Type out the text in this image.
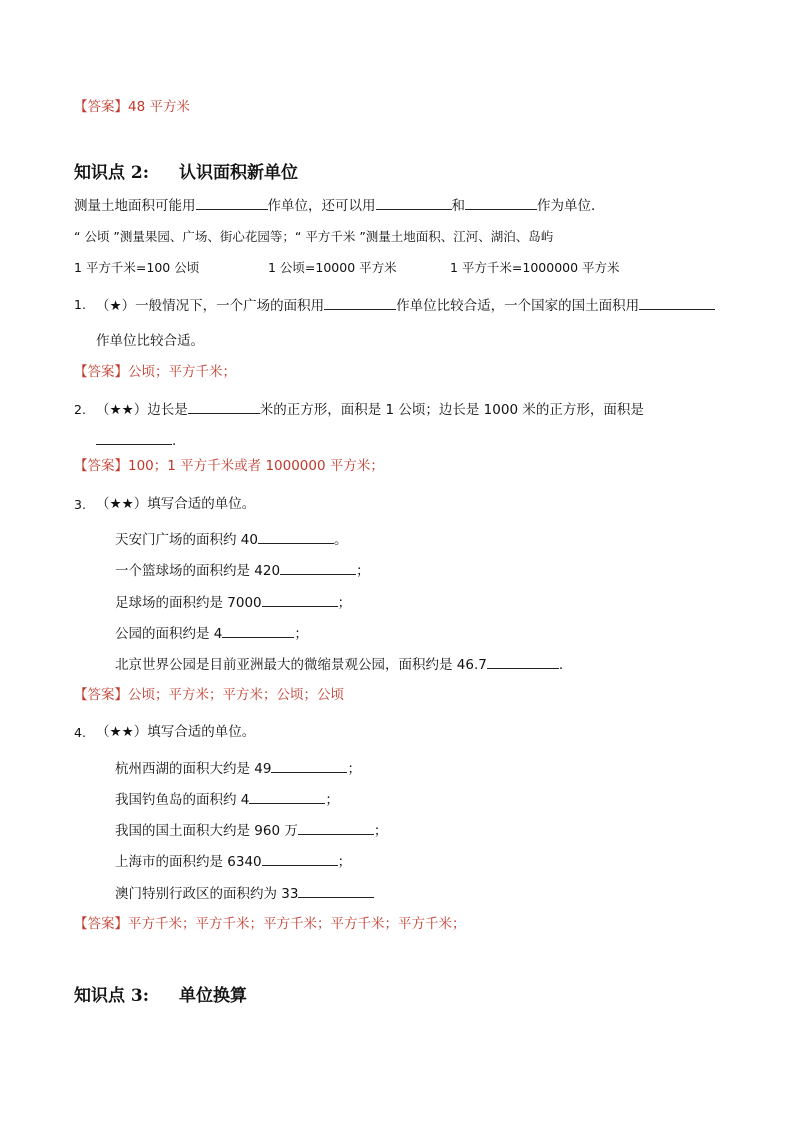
【答案】48 平方米
知识点 2: 认识面积新单位
测量土地面积可能用	作单位，还可以用	和	作为单位．
“ 公顷 ”测量果园、广场、街心花园等；“ 平方千米 ”测量土地面积、江河、湖泊、岛屿
1 平方千米=100 公顷	1 公顷=10000 平方米	1 平方千米=1000000 平方米
1. （★）一般情况下，一个广场的面积用	作单位比较合适，一个国家的国土面积用
作单位比较合适。
【答案】公顷；平方千米；
2. （★★）边长是	米的正方形，面积是 1 公顷；边长是 1000 米的正方形，面积是
.
【答案】100；1 平方千米或者 1000000 平方米；
3. （★★）填写合适的单位。
天安门广场的面积约 40	。
一个篮球场的面积约是 420	；
足球场的面积约是 7000	；
公园的面积约是 4	；
北京世界公园是目前亚洲最大的微缩景观公园，面积约是 46.7	.
【答案】公顷；平方米；平方米；公顷；公顷
4. （★★）填写合适的单位。
杭州西湖的面积大约是 49	；
我国钓鱼岛的面积约 4	；
我国的国土面积大约是 960 万	；
上海市的面积约是 6340	；
澳门特别行政区的面积约为 33
【答案】平方千米；平方千米；平方千米；平方千米；平方千米；
知识点 3: 单位换算
